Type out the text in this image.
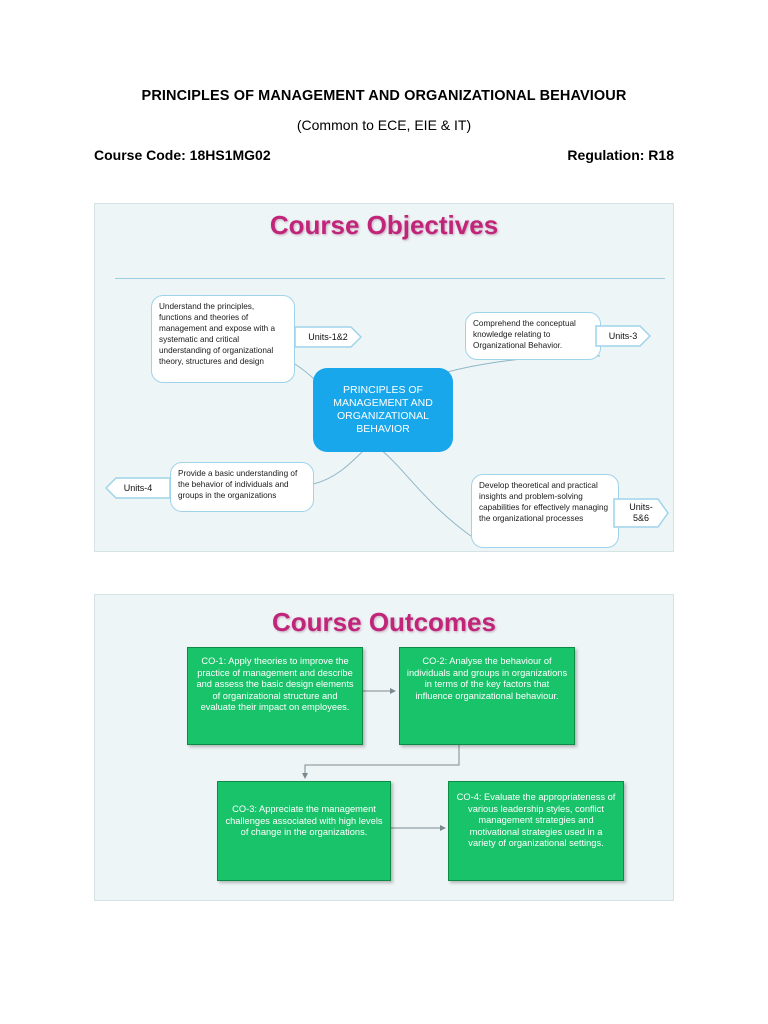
PRINCIPLES OF MANAGEMENT AND ORGANIZATIONAL BEHAVIOUR
(Common to ECE, EIE & IT)
Course Code: 18HS1MG02	Regulation: R18
Course Objectives
Understand the principles, functions and theories of management and expose with a systematic and critical understanding of organizational theory, structures and design
Units-1&2
Comprehend the conceptual knowledge relating to Organizational Behavior.
Units-3
PRINCIPLES OF MANAGEMENT AND ORGANIZATIONAL BEHAVIOR
Units-4
Provide a basic understanding of the behavior of individuals and groups in the organizations
Develop theoretical and practical insights and problem-solving capabilities for effectively managing the organizational processes
Units-5&6
Course Outcomes
CO-1: Apply theories to improve the practice of management and describe and assess the basic design elements of organizational structure and evaluate their impact on employees.
CO-2: Analyse the behaviour of individuals and groups in organizations in terms of the key factors that influence organizational behaviour.
CO-3: Appreciate the management challenges associated with high levels of change in the organizations.
CO-4: Evaluate the appropriateness of various leadership styles, conflict management strategies and motivational strategies used in a variety of organizational settings.
